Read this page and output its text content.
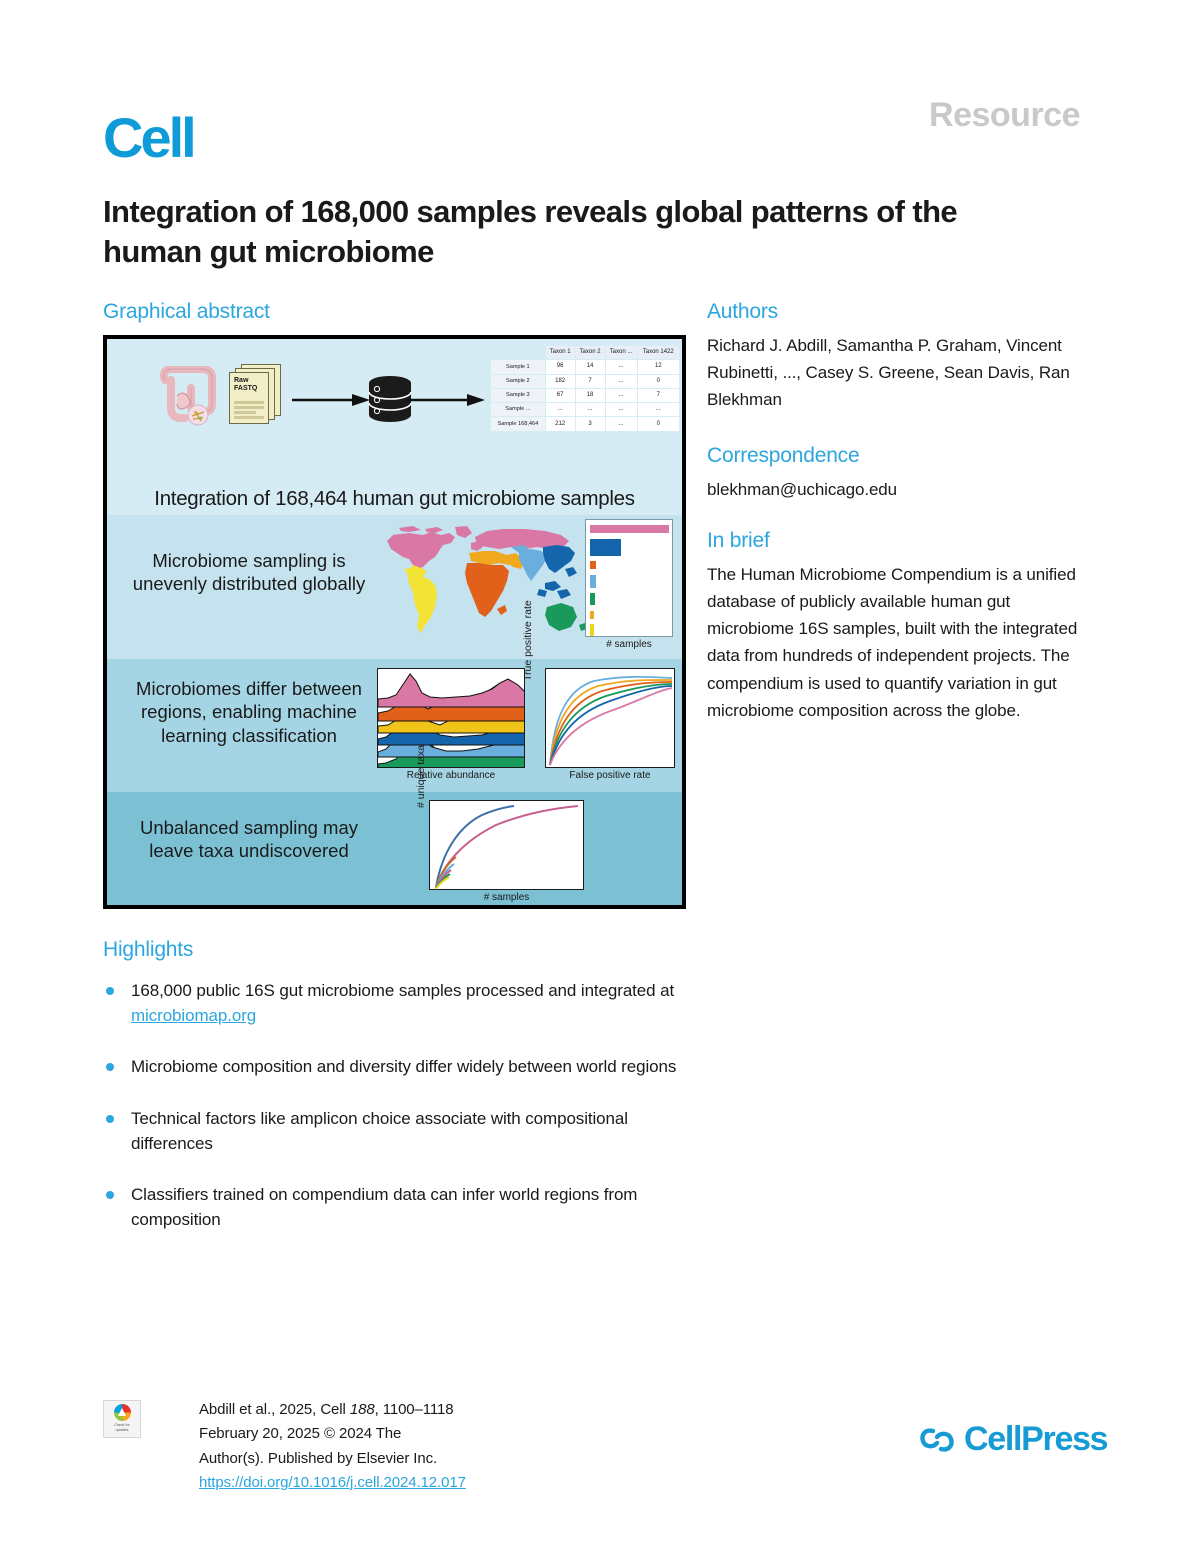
Resource
Cell
Integration of 168,000 samples reveals global patterns of the human gut microbiome
Graphical abstract
Raw
FASTQ
	Taxon 1	Taxon 2	Taxon ...	Taxon 1422
Sample 1	96	14	...	12
Sample 2	182	7	...	0
Sample 3	67	18	...	7
Sample ...	...	...	...	...
Sample 168,464	212	3	...	0
Integration of 168,464 human gut microbiome samples
Microbiome sampling is unevenly distributed globally
# samples
Microbiomes differ between regions, enabling machine learning classification
Relative abundance
True positive rate
False positive rate
Unbalanced sampling may leave taxa undiscovered
# unique taxa
# samples
Highlights
168,000 public 16S gut microbiome samples processed and integrated at microbiomap.org
Microbiome composition and diversity differ widely between world regions
Technical factors like amplicon choice associate with compositional differences
Classifiers trained on compendium data can infer world regions from composition
Authors
Richard J. Abdill, Samantha P. Graham, Vincent Rubinetti, ..., Casey S. Greene, Sean Davis, Ran Blekhman
Correspondence
blekhman@uchicago.edu
In brief
The Human Microbiome Compendium is a unified database of publicly available human gut microbiome 16S samples, built with the integrated data from hundreds of independent projects. The compendium is used to quantify variation in gut microbiome composition across the globe.
Check for
updates
Abdill et al., 2025, Cell 188, 1100–1118
February 20, 2025 © 2024 The Author(s). Published by Elsevier Inc.
https://doi.org/10.1016/j.cell.2024.12.017
CellPress
